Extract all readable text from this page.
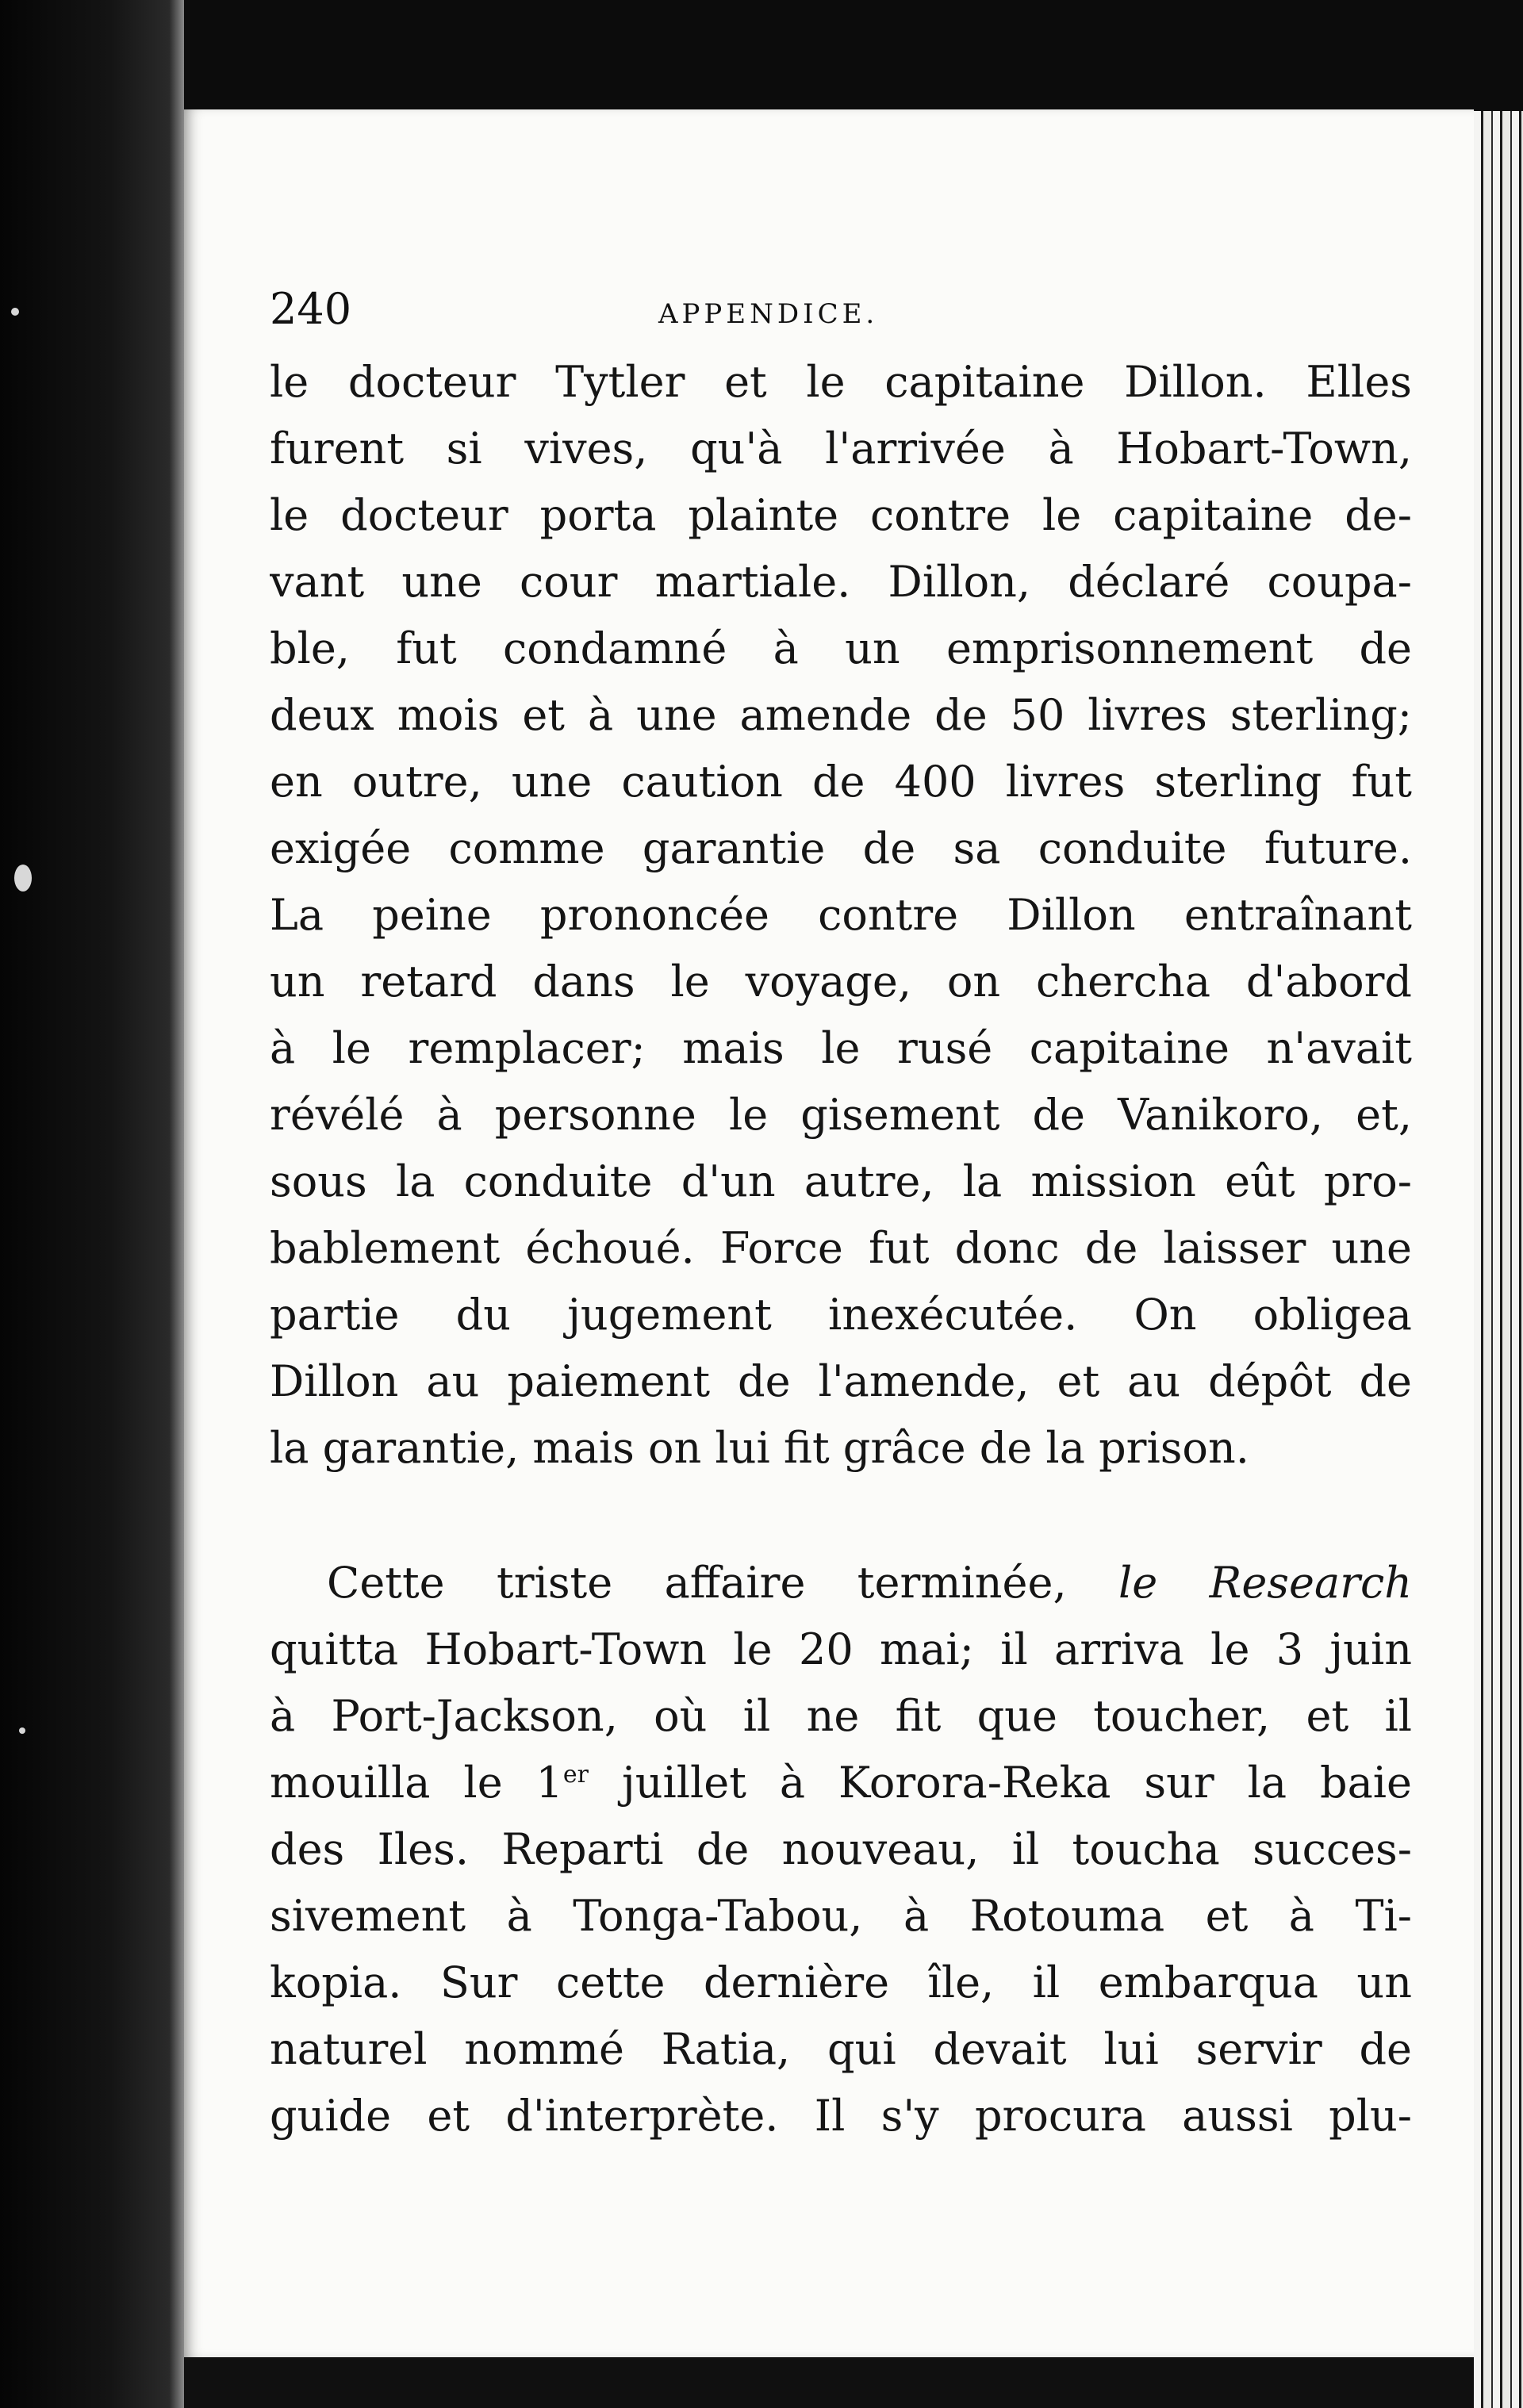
240	APPENDICE.
le docteur Tytler et le capitaine Dillon. Elles
furent si vives, qu'à l'arrivée à Hobart-Town,
le docteur porta plainte contre le capitaine de-
vant une cour martiale. Dillon, déclaré coupa-
ble, fut condamné à un emprisonnement de
deux mois et à une amende de 50 livres sterling;
en outre, une caution de 400 livres sterling fut
exigée comme garantie de sa conduite future.
La peine prononcée contre Dillon entraînant
un retard dans le voyage, on chercha d'abord
à le remplacer; mais le rusé capitaine n'avait
révélé à personne le gisement de Vanikoro, et,
sous la conduite d'un autre, la mission eût pro-
bablement échoué. Force fut donc de laisser une
partie du jugement inexécutée. On obligea
Dillon au paiement de l'amende, et au dépôt de
la garantie, mais on lui fit grâce de la prison.
Cette triste affaire terminée, le Research
quitta Hobart-Town le 20 mai; il arriva le 3 juin
à Port-Jackson, où il ne fit que toucher, et il
mouilla le 1er juillet à Korora-Reka sur la baie
des Iles. Reparti de nouveau, il toucha succes-
sivement à Tonga-Tabou, à Rotouma et à Ti-
kopia. Sur cette dernière île, il embarqua un
naturel nommé Ratia, qui devait lui servir de
guide et d'interprète. Il s'y procura aussi plu-
